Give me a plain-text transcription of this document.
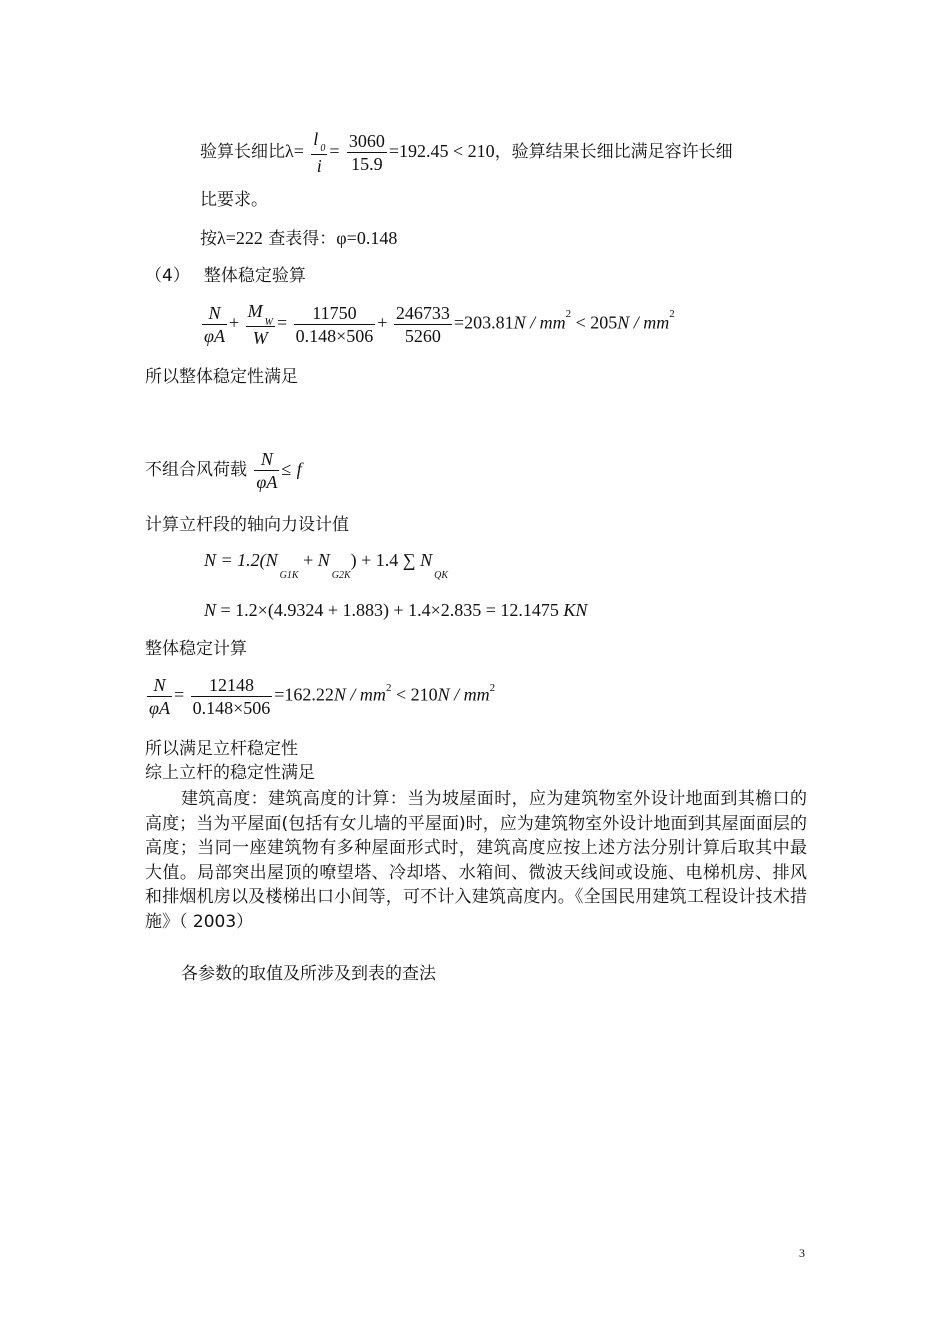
验算长细比$\lambda= \frac{l _0}{i} = \frac{3060}{15.9} =192.45 < 210$，验算结果长细比满足容许长细
比要求。
按λ=222 查表得：φ=0.148
（4） 整体稳定验算
$\frac{N}{\varphi A} + \frac{M_W}{W} = \frac{11750}{0.148\times 506} + \frac{246733}{5260} =203.81N / mm^2 < 205N / mm^2$
所以整体稳定性满足
不组合风荷载 $\frac{N}{\varphi A} \le f$
计算立杆段的轴向力设计值
$N = 1.2(N_{G1K} + N_{G2K}) + 1.4$ ∑ $N_{QK}$
N = 1.2×(4.9324 + 1.883) + 1.4×2.835 = 12.1475 KN
整体稳定计算
$\frac{N}{\varphi A} = \frac{12148}{0.148\times 506} =162.22N / mm^2 < 210N / mm^2$
所以满足立杆稳定性
综上立杆的稳定性满足
建筑高度：建筑高度的计算：当为坡屋面时，应为建筑物室外设计地面到其檐口的高度；当为平屋面(包括有女儿墙的平屋面)时，应为建筑物室外设计地面到其屋面面层的高度；当同一座建筑物有多种屋面形式时，建筑高度应按上述方法分别计算后取其中最大值。局部突出屋顶的嘹望塔、冷却塔、水箱间、微波天线间或设施、电梯机房、排风和排烟机房以及楼梯出口小间等，可不计入建筑高度内。《全国民用建筑工程设计技术措施》（ 2003）
各参数的取值及所涉及到表的查法
3
